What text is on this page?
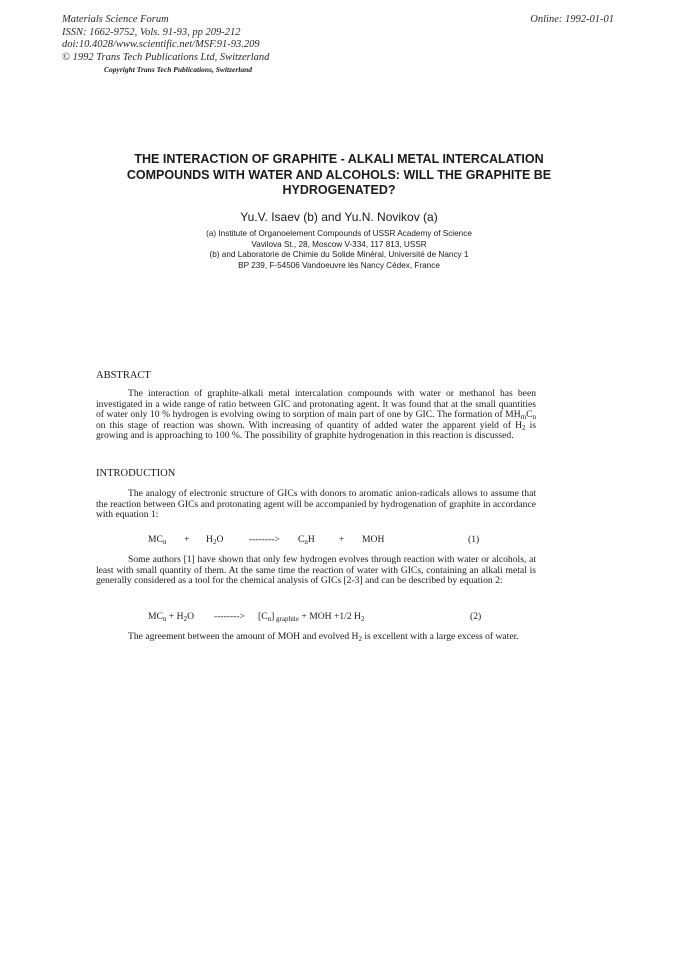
Materials Science Forum
ISSN: 1662-9752, Vols. 91-93, pp 209-212
doi:10.4028/www.scientific.net/MSF.91-93.209
© 1992 Trans Tech Publications Ltd, Switzerland
Online: 1992-01-01
Copyright Trans Tech Publications, Switzerland
THE INTERACTION OF GRAPHITE - ALKALI METAL INTERCALATION
COMPOUNDS WITH WATER AND ALCOHOLS: WILL THE GRAPHITE BE
HYDROGENATED?
Yu.V. Isaev (b) and Yu.N. Novikov (a)
(a) Institute of Organoelement Compounds of USSR Academy of Science
Vavilova St., 28, Moscow V-334, 117 813, USSR
(b) and Laboratorie de Chimie du Solide Minéral, Université de Nancy 1
BP 239, F-54506 Vandoeuvre lès Nancy Cédex, France
ABSTRACT
The interaction of graphite-alkali metal intercalation compounds with water or methanol has been investigated in a wide range of ratio between GIC and protonating agent. It was found that at the small quantities of water only 10 % hydrogen is evolving owing to sorption of main part of one by GIC. The formation of $MH_mC_n$ on this stage of reaction was shown. With increasing of quantity of added water the apparent yield of $H_2$ is growing and is approaching to 100 %. The possibility of graphite hydrogenation in this reaction is discussed.
INTRODUCTION
The analogy of electronic structure of GICs with donors to aromatic anion-radicals allows to assume that the reaction between GICs and protonating agent will be accompanied by hydrogenation of graphite in accordance with equation 1:
$MC_n + H_2O$	--------> $C_nH$	+ MOH	(1)
Some authors [1] have shown that only few hydrogen evolves through reaction with water or alcohols, at least with small quantity of them. At the same time the reaction of water with GICs, containing an alkali metal is generally considered as a tool for the chemical analysis of GICs [2-3] and can be described by equation 2:
$MC_n + H_2O$ --------> $[C_n] _{graphite}$ + MOH +1/2 $H_2$	(2)
The agreement between the amount of MOH and evolved $H_2$ is excellent with a large excess of water.
